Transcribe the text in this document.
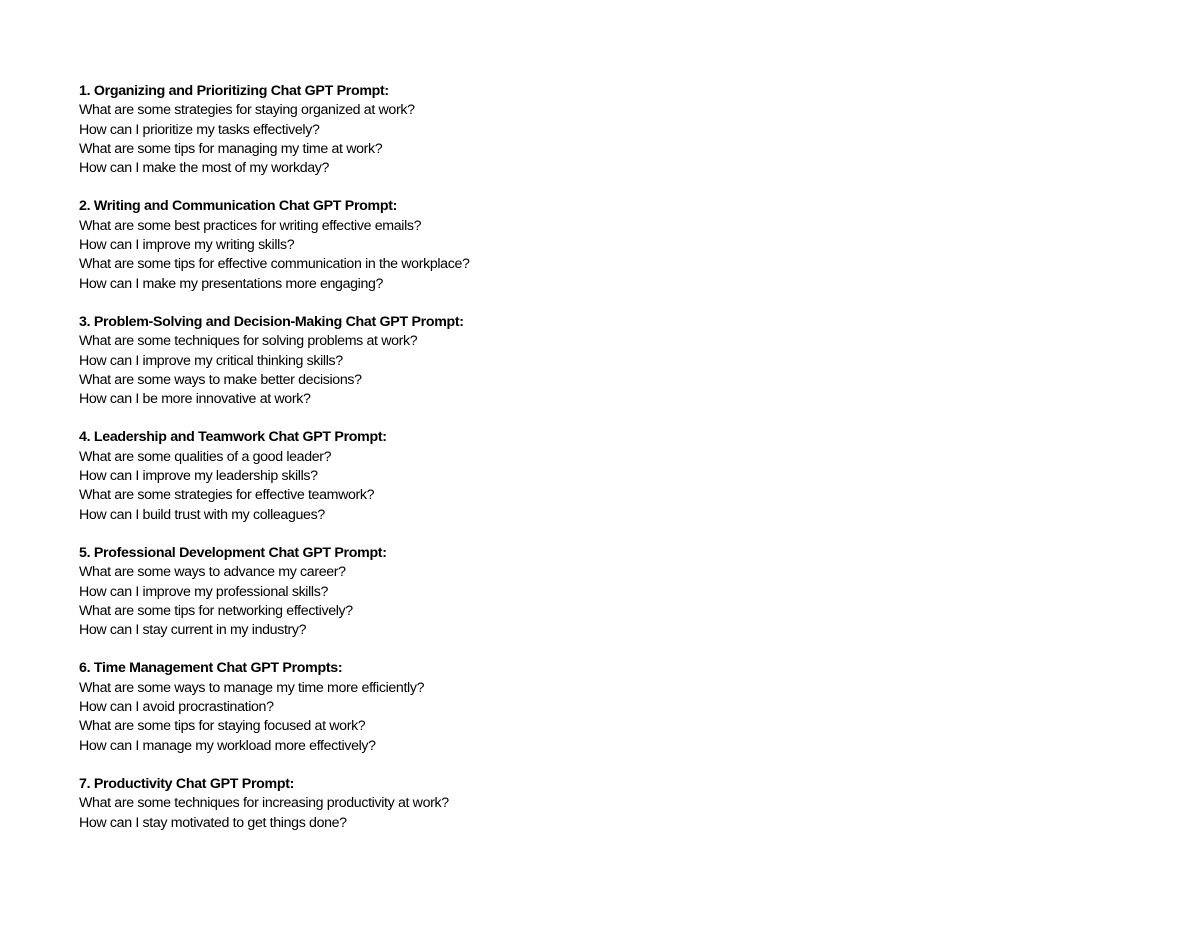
1. Organizing and Prioritizing Chat GPT Prompt:
What are some strategies for staying organized at work?
How can I prioritize my tasks effectively?
What are some tips for managing my time at work?
How can I make the most of my workday?
2. Writing and Communication Chat GPT Prompt:
What are some best practices for writing effective emails?
How can I improve my writing skills?
What are some tips for effective communication in the workplace?
How can I make my presentations more engaging?
3. Problem-Solving and Decision-Making Chat GPT Prompt:
What are some techniques for solving problems at work?
How can I improve my critical thinking skills?
What are some ways to make better decisions?
How can I be more innovative at work?
4. Leadership and Teamwork Chat GPT Prompt:
What are some qualities of a good leader?
How can I improve my leadership skills?
What are some strategies for effective teamwork?
How can I build trust with my colleagues?
5. Professional Development Chat GPT Prompt:
What are some ways to advance my career?
How can I improve my professional skills?
What are some tips for networking effectively?
How can I stay current in my industry?
6. Time Management Chat GPT Prompts:
What are some ways to manage my time more efficiently?
How can I avoid procrastination?
What are some tips for staying focused at work?
How can I manage my workload more effectively?
7. Productivity Chat GPT Prompt:
What are some techniques for increasing productivity at work?
How can I stay motivated to get things done?
